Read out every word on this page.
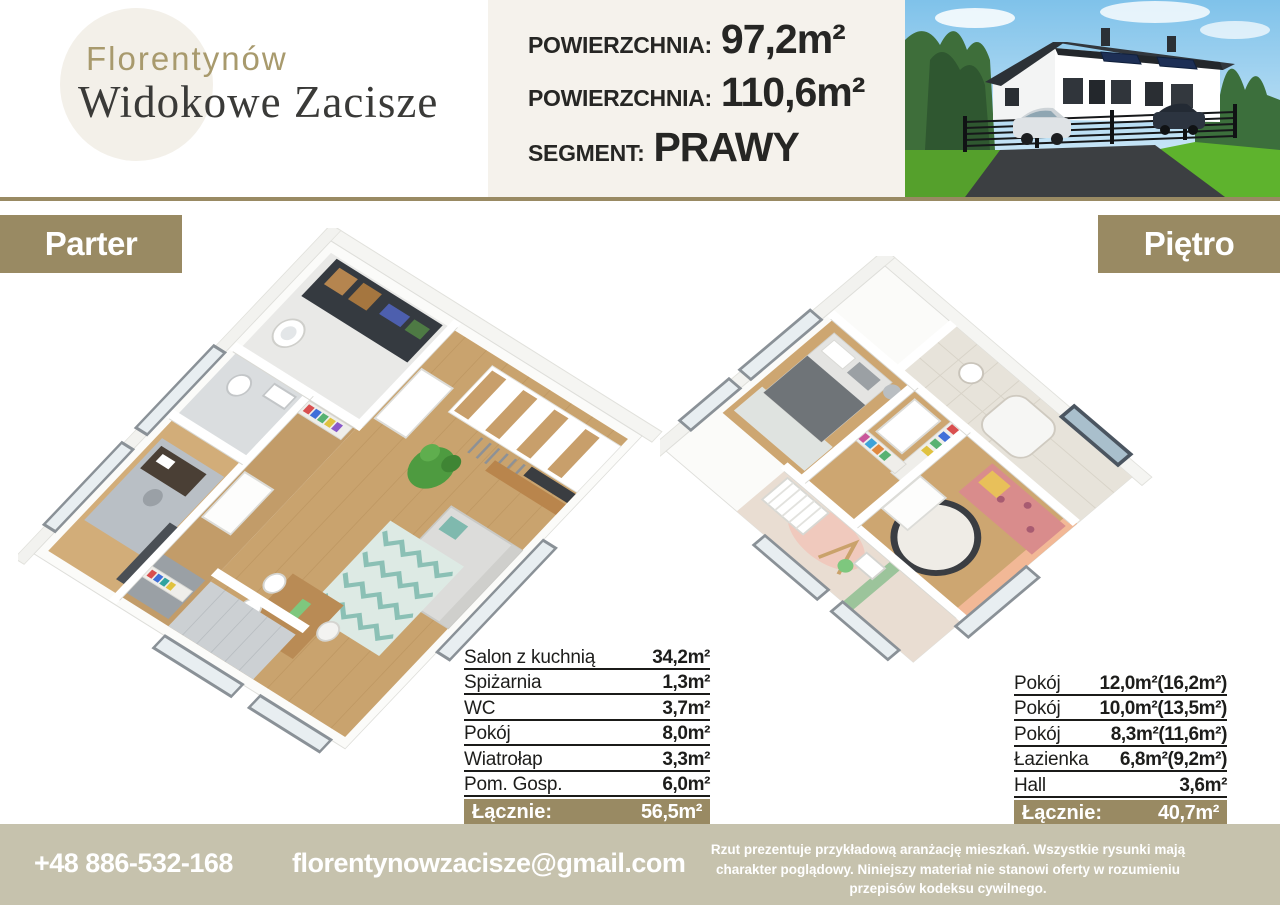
Florentynów
Widokowe Zacisze
POWIERZCHNIA: 97,2m²
POWIERZCHNIA: 110,6m²
SEGMENT: PRAWY
Parter	Piętro
Salon z kuchnią	34,2m²
Spiżarnia	1,3m²
WC	3,7m²
Pokój	8,0m²
Wiatrołap	3,3m²
Pom. Gosp.	6,0m²
Łącznie:	56,5m²
Pokój 12,0m²(16,2m²)
Pokój 10,0m²(13,5m²)
Pokój	8,3m²(11,6m²)
Łazienka 6,8m²(9,2m²)
Hall	3,6m²
Łącznie:	40,7m²
+48 886-532-168 florentynowzacisze@gmail.com	Rzut prezentuje przykładową aranżację mieszkań. Wszystkie rysunki mają charakter poglądowy. Niniejszy materiał nie stanowi oferty w rozumieniu przepisów kodeksu cywilnego.
